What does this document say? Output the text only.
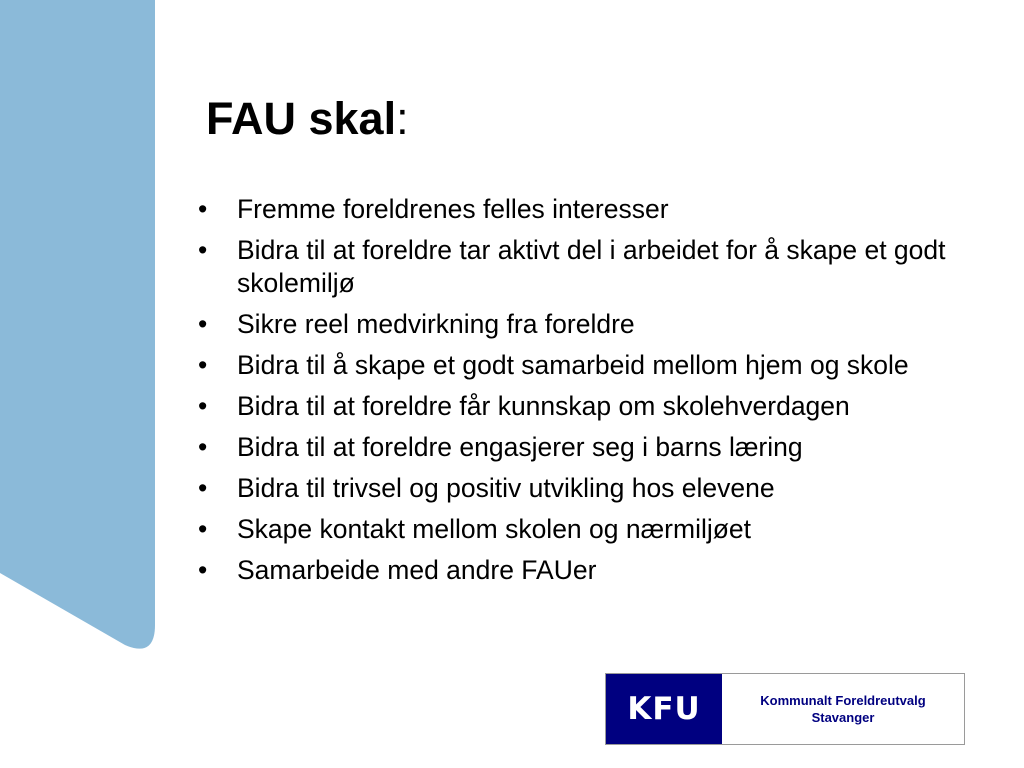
FAU skal:
• Fremme foreldrenes felles interesser
• Bidra til at foreldre tar aktivt del i arbeidet for å skape et godt skolemiljø
• Sikre reel medvirkning fra foreldre
• Bidra til å skape et godt samarbeid mellom hjem og skole
• Bidra til at foreldre får kunnskap om skolehverdagen
• Bidra til at foreldre engasjerer seg i barns læring
• Bidra til trivsel og positiv utvikling hos elevene
• Skape kontakt mellom skolen og nærmiljøet
• Samarbeide med andre FAUer
KFU	Kommunalt Foreldreutvalg
Stavanger
